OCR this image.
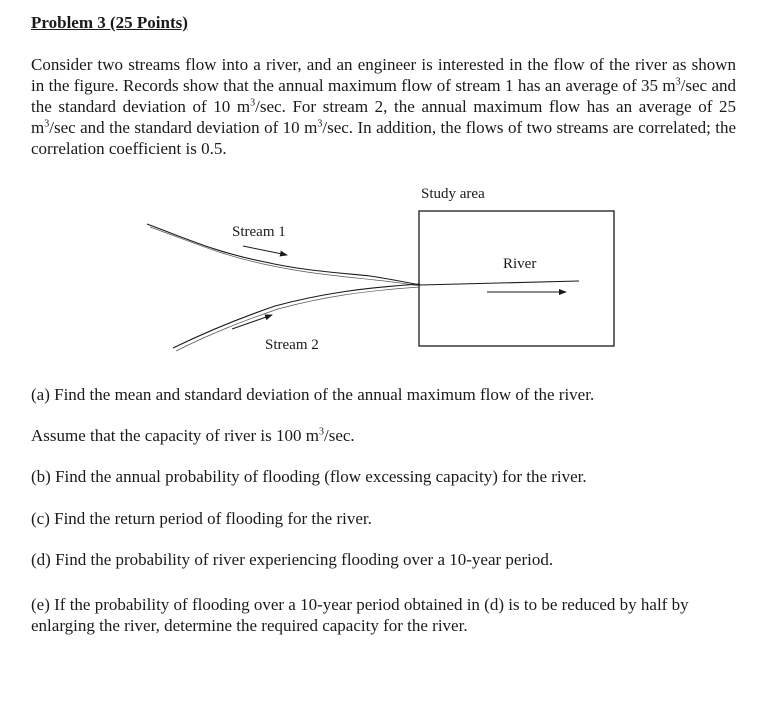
Problem 3 (25 Points)

Consider two streams flow into a river, and an engineer is interested in the flow of the river as shown in the figure. Records show that the annual maximum flow of stream 1 has an average of 35 $m^3/\sec$ and the standard deviation of 10 $m^3/\sec$. For stream 2, the annual maximum flow has an average of 25 $m^3/\sec$ and the standard deviation of 10 $m^3/\sec$. In addition, the flows of two streams are correlated; the correlation coefficient is 0.5.

Study area
Stream 1
Stream 2
River

(a) Find the mean and standard deviation of the annual maximum flow of the river.

Assume that the capacity of river is 100 $m^3/\sec$.

(b) Find the annual probability of flooding (flow excessing capacity) for the river.

(c) Find the return period of flooding for the river.

(d) Find the probability of river experiencing flooding over a 10-year period.

(e) If the probability of flooding over a 10-year period obtained in (d) is to be reduced by half by enlarging the river, determine the required capacity for the river.
